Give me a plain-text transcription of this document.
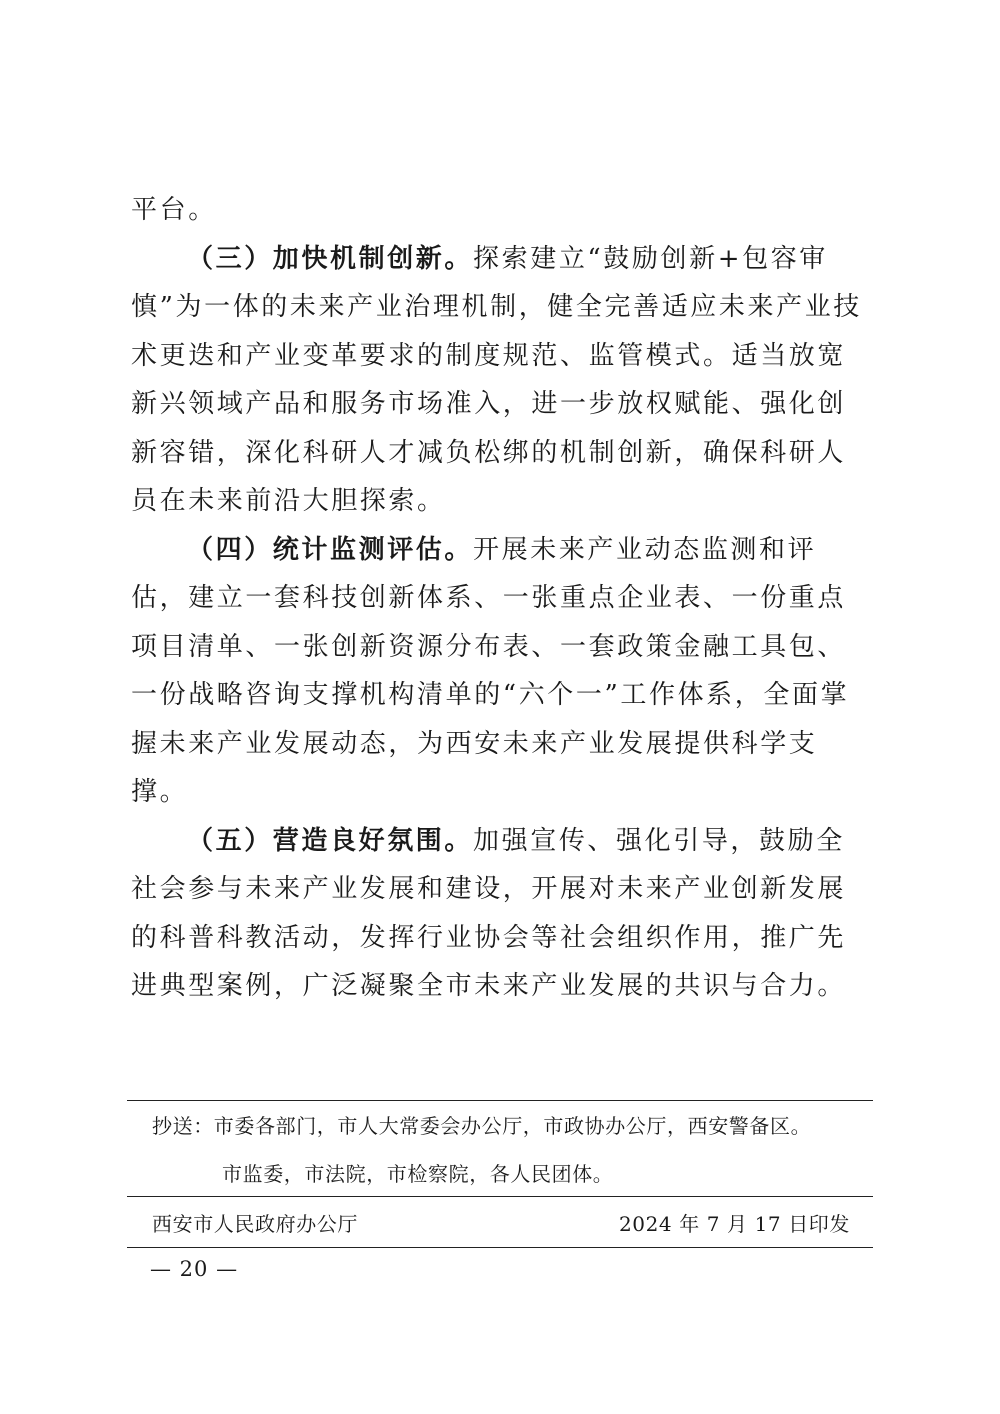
平台。

（三）加快机制创新。探索建立“鼓励创新+包容审慎”为一体的未来产业治理机制，健全完善适应未来产业技术更迭和产业变革要求的制度规范、监管模式。适当放宽新兴领域产品和服务市场准入，进一步放权赋能、强化创新容错，深化科研人才减负松绑的机制创新，确保科研人员在未来前沿大胆探索。

（四）统计监测评估。开展未来产业动态监测和评估，建立一套科技创新体系、一张重点企业表、一份重点项目清单、一张创新资源分布表、一套政策金融工具包、一份战略咨询支撑机构清单的“六个一”工作体系，全面掌握未来产业发展动态，为西安未来产业发展提供科学支撑。

（五）营造良好氛围。加强宣传、强化引导，鼓励全社会参与未来产业发展和建设，开展对未来产业创新发展的科普科教活动，发挥行业协会等社会组织作用，推广先进典型案例，广泛凝聚全市未来产业发展的共识与合力。

抄送：市委各部门，市人大常委会办公厅，市政协办公厅，西安警备区。
市监委，市法院，市检察院，各人民团体。
西安市人民政府办公厅	2024 年 7 月 17 日印发
— 20 —
